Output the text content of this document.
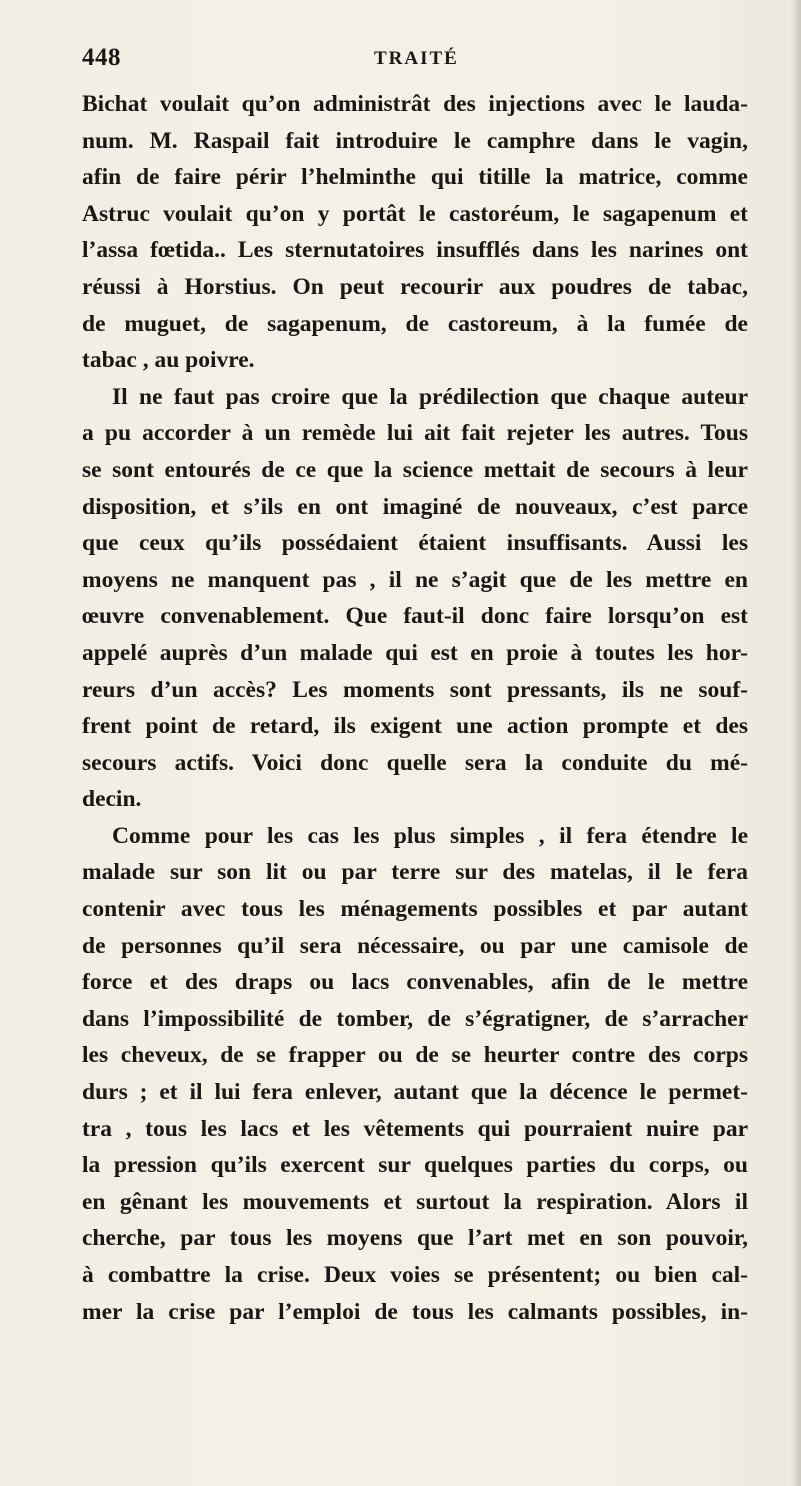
448	TRAITÉ
Bichat voulait qu’on administrât des injections avec le lauda-
num. M. Raspail fait introduire le camphre dans le vagin,
afin de faire périr l’helminthe qui titille la matrice, comme
Astruc voulait qu’on y portât le castoréum, le sagapenum et
l’assa fœtida.. Les sternutatoires insufflés dans les narines ont
réussi à Horstius. On peut recourir aux poudres de tabac,
de muguet, de sagapenum, de castoreum, à la fumée de
tabac , au poivre.
Il ne faut pas croire que la prédilection que chaque auteur
a pu accorder à un remède lui ait fait rejeter les autres. Tous
se sont entourés de ce que la science mettait de secours à leur
disposition, et s’ils en ont imaginé de nouveaux, c’est parce
que ceux qu’ils possédaient étaient insuffisants. Aussi les
moyens ne manquent pas , il ne s’agit que de les mettre en
œuvre convenablement. Que faut-il donc faire lorsqu’on est
appelé auprès d’un malade qui est en proie à toutes les hor-
reurs d’un accès? Les moments sont pressants, ils ne souf-
frent point de retard, ils exigent une action prompte et des
secours actifs. Voici donc quelle sera la conduite du mé-
decin.
Comme pour les cas les plus simples , il fera étendre le
malade sur son lit ou par terre sur des matelas, il le fera
contenir avec tous les ménagements possibles et par autant
de personnes qu’il sera nécessaire, ou par une camisole de
force et des draps ou lacs convenables, afin de le mettre
dans l’impossibilité de tomber, de s’égratigner, de s’arracher
les cheveux, de se frapper ou de se heurter contre des corps
durs ; et il lui fera enlever, autant que la décence le permet-
tra , tous les lacs et les vêtements qui pourraient nuire par
la pression qu’ils exercent sur quelques parties du corps, ou
en gênant les mouvements et surtout la respiration. Alors il
cherche, par tous les moyens que l’art met en son pouvoir,
à combattre la crise. Deux voies se présentent; ou bien cal-
mer la crise par l’emploi de tous les calmants possibles, in-
